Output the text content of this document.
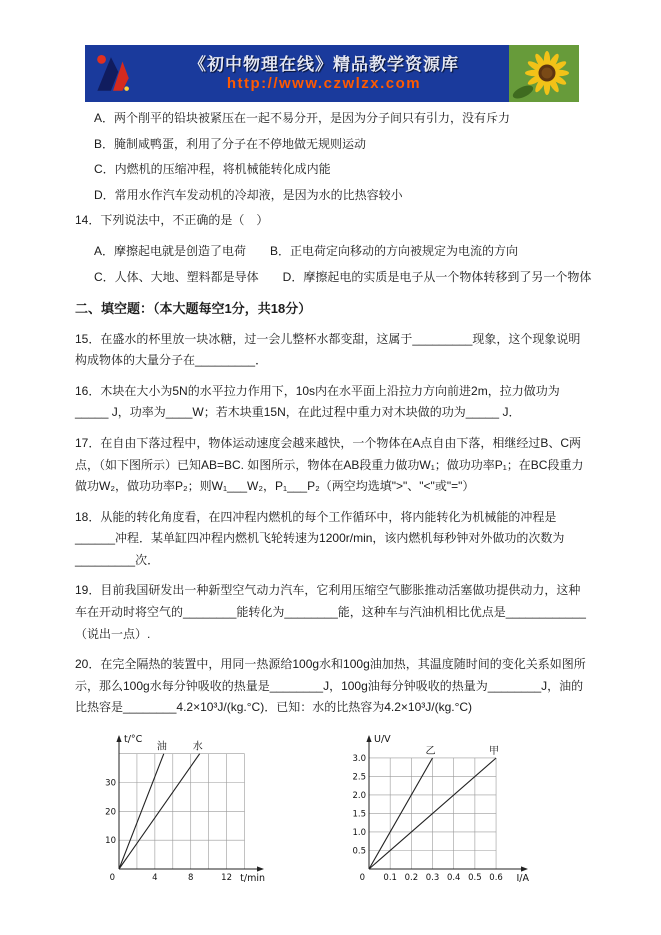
《初中物理在线》精品教学资源库
http://www.czwlzx.com

A．两个削平的铅块被紧压在一起不易分开，是因为分子间只有引力，没有斥力

B．腌制咸鸭蛋，利用了分子在不停地做无规则运动

C．内燃机的压缩冲程，将机械能转化成内能

D．常用水作汽车发动机的冷却液，是因为水的比热容较小

14．下列说法中，不正确的是（　）

A．摩擦起电就是创造了电荷　　B．正电荷定向移动的方向被规定为电流的方向

C．人体、大地、塑料都是导体　　D．摩擦起电的实质是电子从一个物体转移到了另一个物体

二、填空题：（本大题每空1分，共18分）

15．在盛水的杯里放一块冰糖，过一会儿整杯水都变甜，这属于_________现象，这个现象说明构成物体的大量分子在_________．

16．木块在大小为5N的水平拉力作用下，10s内在水平面上沿拉力方向前进2m，拉力做功为_____ J，功率为____W；若木块重15N，在此过程中重力对木块做的功为_____ J．

17．在自由下落过程中，物体运动速度会越来越快，一个物体在A点自由下落，相继经过B、C两点，（如下图所示）已知AB=BC. 如图所示，物体在AB段重力做功W₁；做功功率P₁；在BC段重力做功W₂，做功功率P₂；则W₁___W₂，P₁___P₂（两空均选填">"、"<"或"="）

18．从能的转化角度看，在四冲程内燃机的每个工作循环中，将内能转化为机械能的冲程是______冲程．某单缸四冲程内燃机飞轮转速为1200r/min，该内燃机每秒钟对外做功的次数为_________次．

19．目前我国研发出一种新型空气动力汽车，它利用压缩空气膨胀推动活塞做功提供动力，这种车在开动时将空气的________能转化为________能，这种车与汽油机相比优点是____________（说出一点）.

20．在完全隔热的装置中，用同一热源给100g水和100g油加热，其温度随时间的变化关系如图所示，那么100g水每分钟吸收的热量是________J，100g油每分钟吸收的热量为________J，油的比热容是________4.2×10³J/(kg.°C)．已知：水的比热容为4.2×10³J/(kg.°C)

0	4	8	12
10
20
30
t/°C
t/min
油	水
0 0.1 0.2 0.3 0.4 0.5 0.6
0.5
1.0
1.5
2.0
2.5
3.0
U/V
I/A
乙	甲
